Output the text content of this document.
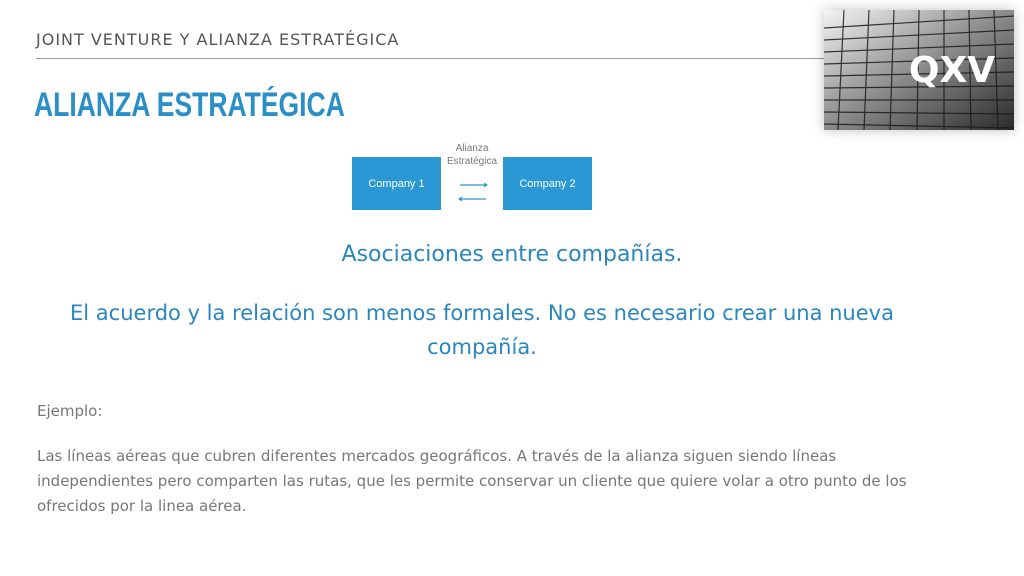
JOINT VENTURE Y ALIANZA ESTRATÉGICA
ALIANZA ESTRATÉGICA
QXV
Company 1
Alianza
Estratégica
Company 2
Asociaciones entre compañías.
El acuerdo y la relación son menos formales. No es necesario crear una nueva compañía.
Ejemplo:
Las líneas aéreas que cubren diferentes mercados geográficos. A través de la alianza siguen siendo líneas independientes pero comparten las rutas, que les permite conservar un cliente que quiere volar a otro punto de los ofrecidos por la linea aérea.
